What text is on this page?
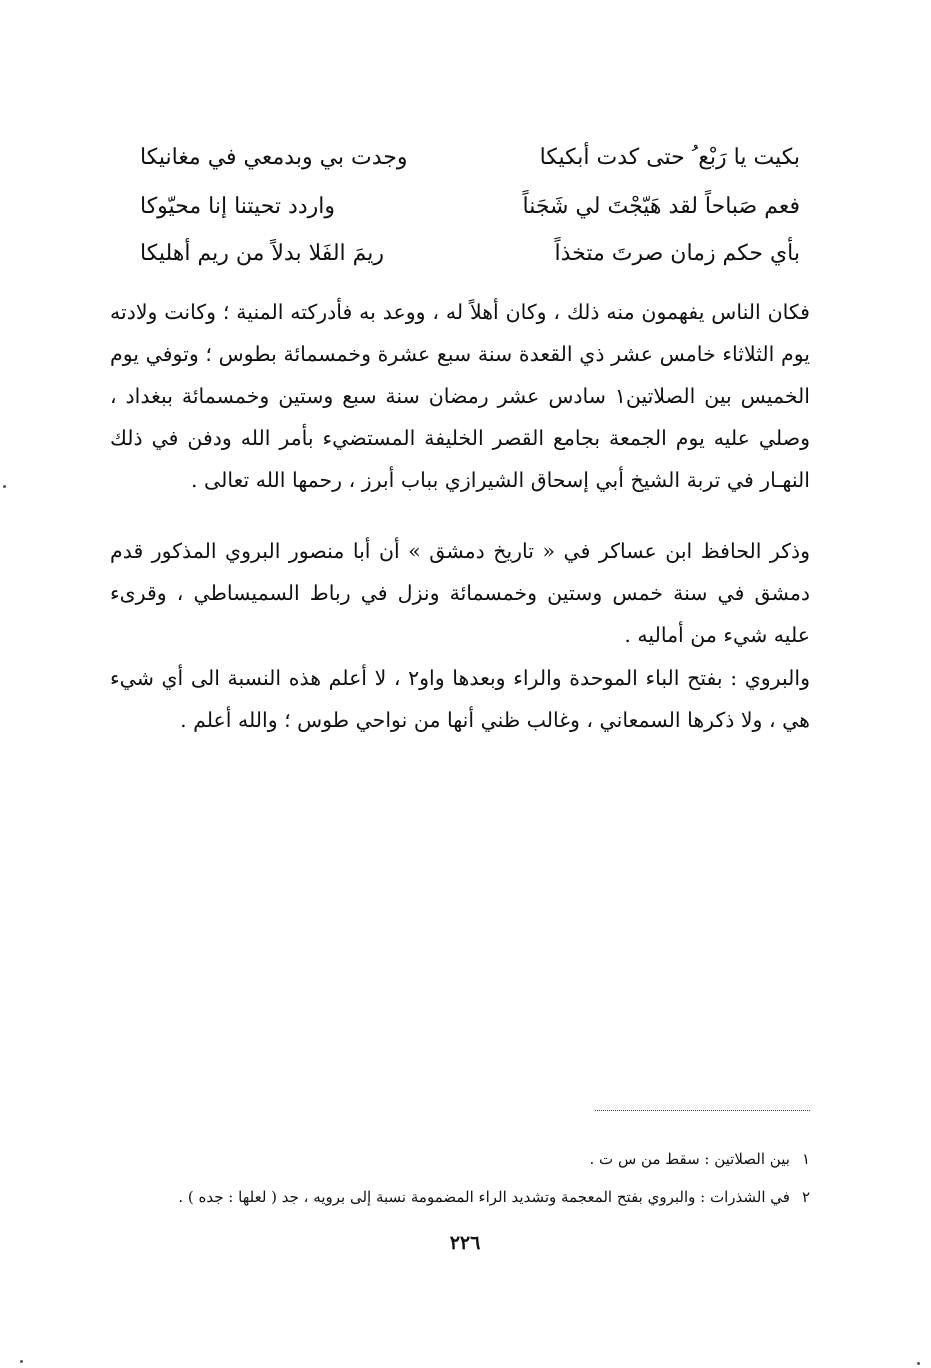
بكيت يا رَبْع ُ حتى كدت أبكيكا
وجدت بي وبدمعي في مغانيكا
فعم صَباحاً لقد هَيّجْتَ لي شَجَناً
واردد تحيتنا إنا محيّوكا
بأي حكم زمان صرتَ متخذاً
ريمَ الفَلا بدلاً من ريم أهليكا

فكان الناس يفهمون منه ذلك ، وكان أهلاً له ، ووعد به فأدركته المنية ؛ وكانت ولادته يوم الثلاثاء خامس عشر ذي القعدة سنة سبع عشرة وخمسمائة بطوس ؛ وتوفي يوم الخميس بين الصلاتين١ سادس عشر رمضان سنة سبع وستين وخمسمائة ببغداد ، وصلي عليه يوم الجمعة بجامع القصر الخليفة المستضيء بأمر الله ودفن في ذلك النهـار في تربة الشيخ أبي إسحاق الشيرازي بباب أبرز ، رحمها الله تعالى .

وذكر الحافظ ابن عساكر في « تاريخ دمشق » أن أبا منصور البروي المذكور قدم دمشق في سنة خمس وستين وخمسمائة ونزل في رباط السميساطي ، وقرىء عليه شيء من أماليه .

والبروي : بفتح الباء الموحدة والراء وبعدها واو٢ ، لا أعلم هذه النسبة الى أي شيء هي ، ولا ذكرها السمعاني ، وغالب ظني أنها من نواحي طوس ؛ والله أعلم .

١بين الصلاتين : سقط من س ت .
٢في الشذرات : والبروي بفتح المعجمة وتشديد الراء المضمومة نسبة إلى برويه ، جد ( لعلها : جده ) .
٢٢٦
